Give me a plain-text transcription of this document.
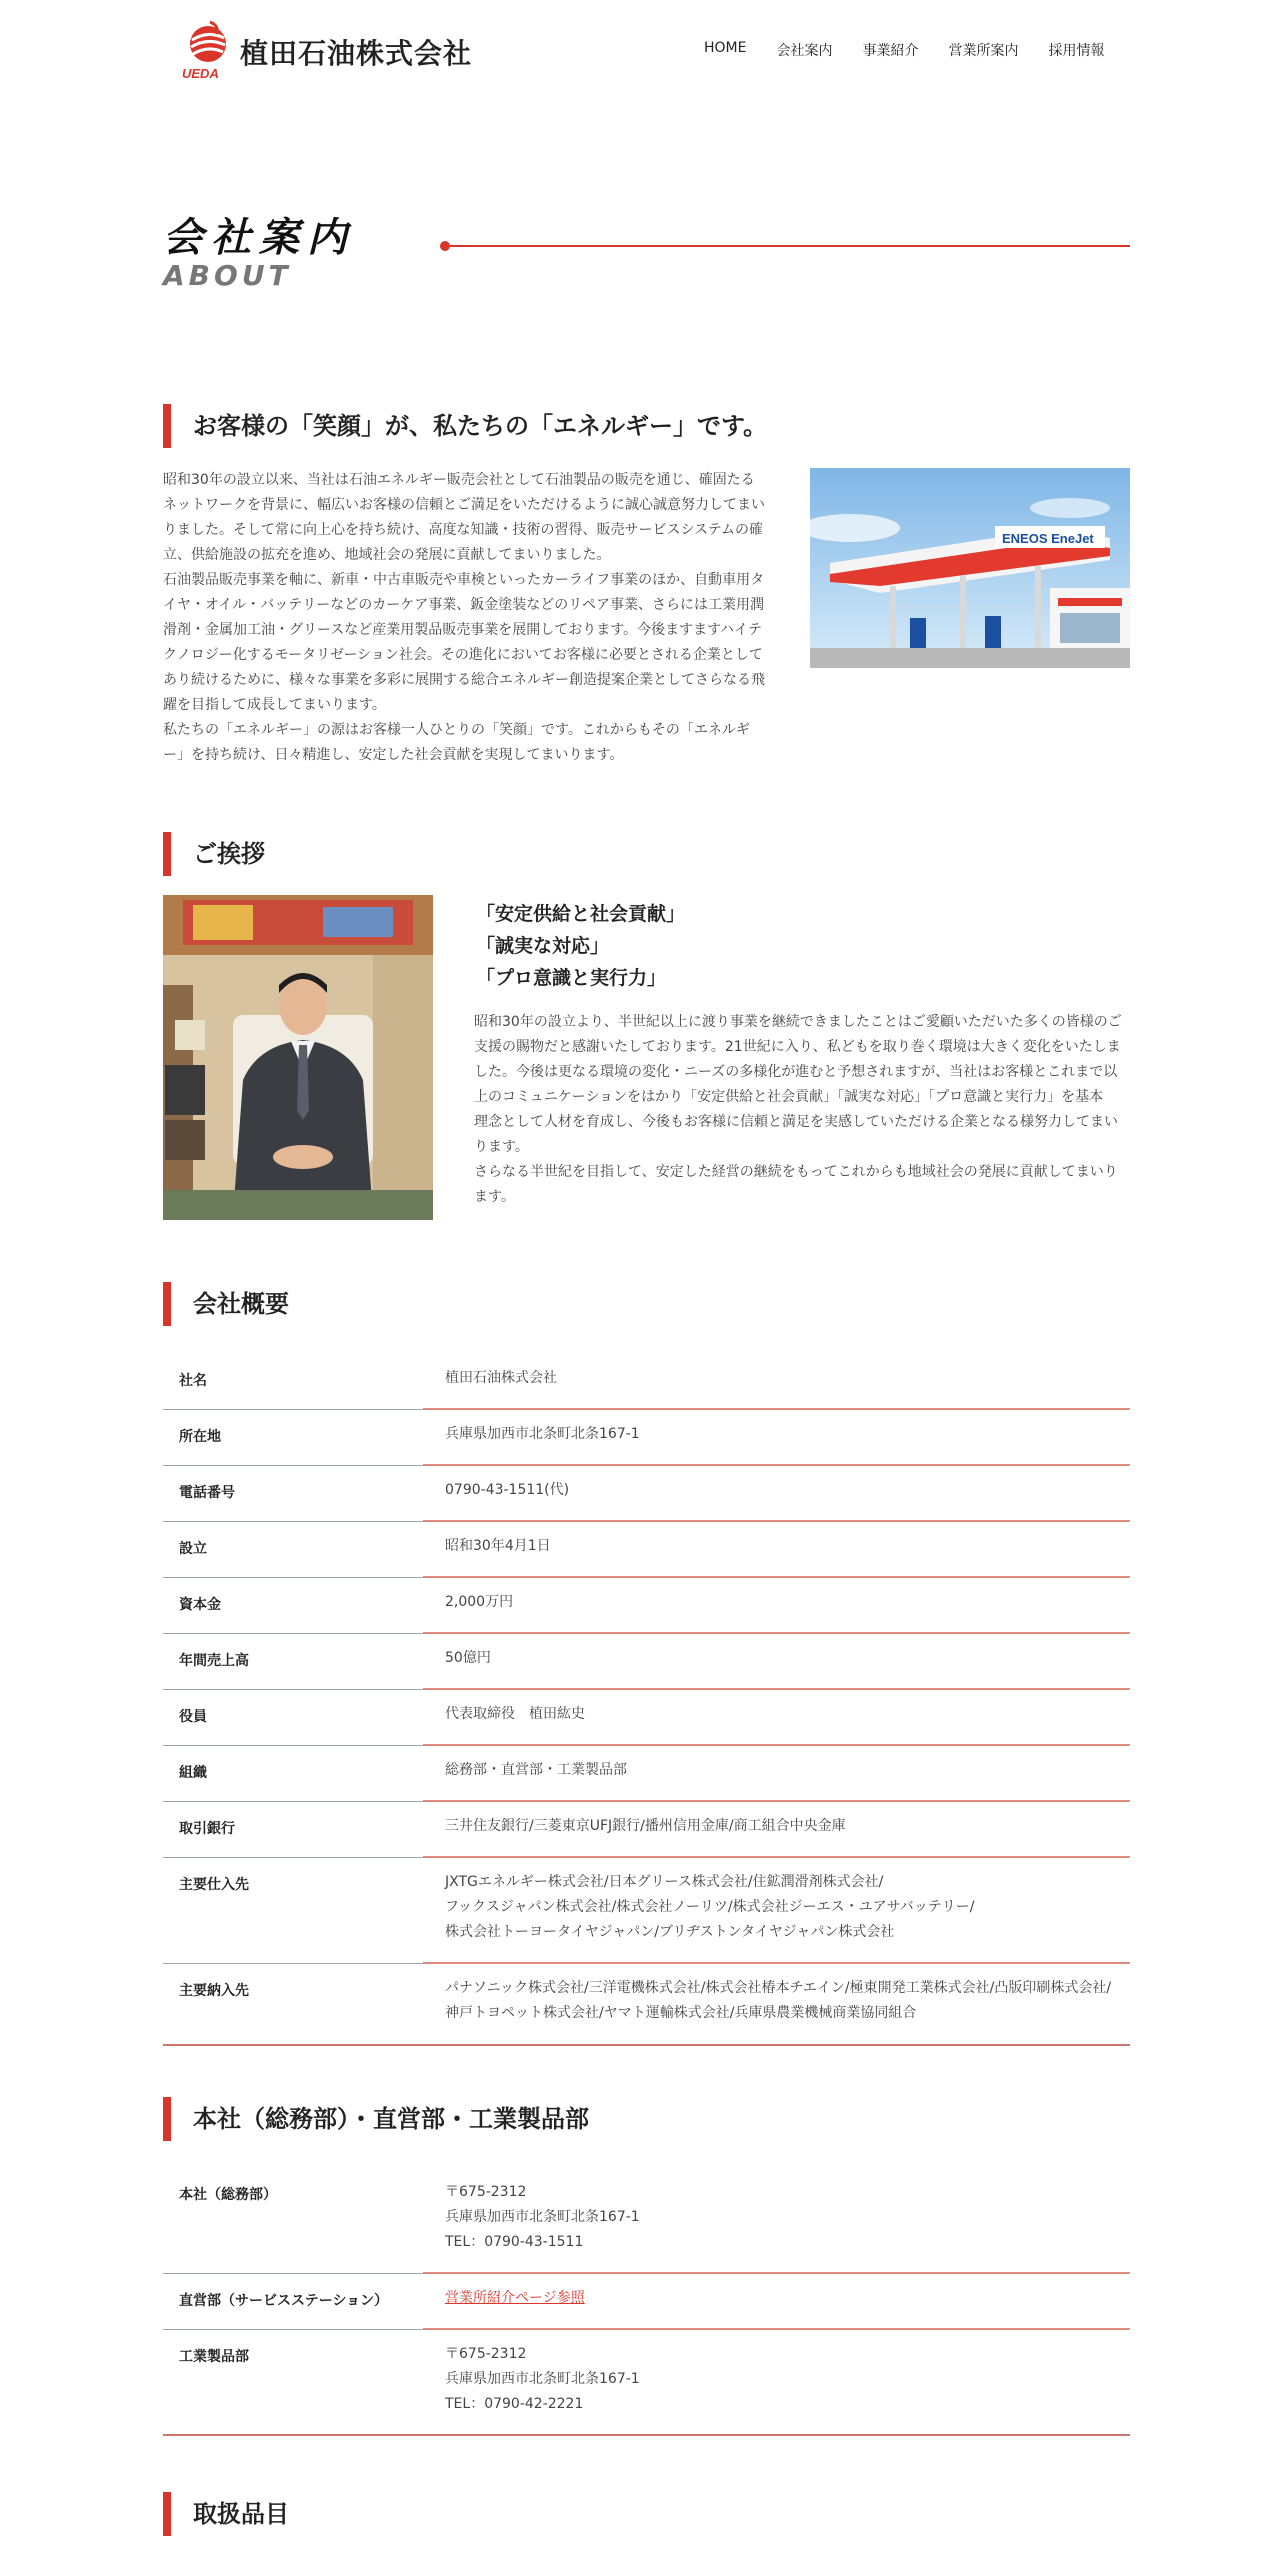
UEDA
植田石油株式会社	HOME 会社案内 事業紹介 営業所案内 採用情報
会社案内
ABOUT
お客様の「笑顔」が、私たちの「エネルギー」です。
昭和30年の設立以来、当社は石油エネルギー販売会社として石油製品の販売を通じ、確固たる
ネットワークを背景に、幅広いお客様の信頼とご満足をいただけるように誠心誠意努力してまい
りました。そして常に向上心を持ち続け、高度な知識・技術の習得、販売サービスシステムの確
立、供給施設の拡充を進め、地域社会の発展に貢献してまいりました。
石油製品販売事業を軸に、新車・中古車販売や車検といったカーライフ事業のほか、自動車用タ
イヤ・オイル・バッテリーなどのカーケア事業、鈑金塗装などのリペア事業、さらには工業用潤
滑剤・金属加工油・グリースなど産業用製品販売事業を展開しております。今後ますますハイテ
クノロジー化するモータリゼーション社会。その進化においてお客様に必要とされる企業として
あり続けるために、様々な事業を多彩に展開する総合エネルギー創造提案企業としてさらなる飛
躍を目指して成長してまいります。
私たちの「エネルギー」の源はお客様一人ひとりの「笑顔」です。これからもその「エネルギ
ー」を持ち続け、日々精進し、安定した社会貢献を実現してまいります。
ENEOS EneJet
ご挨拶
「安定供給と社会貢献」
「誠実な対応」
「プロ意識と実行力」
昭和30年の設立より、半世紀以上に渡り事業を継続できましたことはご愛顧いただいた多くの皆様のご
支援の賜物だと感謝いたしております。21世紀に入り、私どもを取り巻く環境は大きく変化をいたしま
した。今後は更なる環境の変化・ニーズの多様化が進むと予想されますが、当社はお客様とこれまで以
上のコミュニケーションをはかり「安定供給と社会貢献」「誠実な対応」「プロ意識と実行力」を基本
理念として人材を育成し、今後もお客様に信頼と満足を実感していただける企業となる様努力してまい
ります。
さらなる半世紀を目指して、安定した経営の継続をもってこれからも地域社会の発展に貢献してまいり
ます。
会社概要
社名	植田石油株式会社
所在地	兵庫県加西市北条町北条167-1
電話番号	0790-43-1511(代)
設立	昭和30年4月1日
資本金	2,000万円
年間売上高	50億円
役員	代表取締役　植田紘史
組織	総務部・直営部・工業製品部
取引銀行	三井住友銀行/三菱東京UFJ銀行/播州信用金庫/商工組合中央金庫
主要仕入先	JXTGエネルギー株式会社/日本グリース株式会社/住鉱潤滑剤株式会社/
フックスジャパン株式会社/株式会社ノーリツ/株式会社ジーエス・ユアサバッテリー/
株式会社トーヨータイヤジャパン/ブリヂストンタイヤジャパン株式会社
主要納入先	パナソニック株式会社/三洋電機株式会社/株式会社椿本チエイン/極東開発工業株式会社/凸版印刷株式会社/
神戸トヨペット株式会社/ヤマト運輸株式会社/兵庫県農業機械商業協同組合
本社（総務部）・直営部・工業製品部
本社（総務部）	〒675-2312
兵庫県加西市北条町北条167-1
TEL：0790-43-1511
直営部（サービスステーション）	営業所紹介ページ参照
工業製品部	〒675-2312
兵庫県加西市北条町北条167-1
TEL：0790-42-2221
取扱品目
